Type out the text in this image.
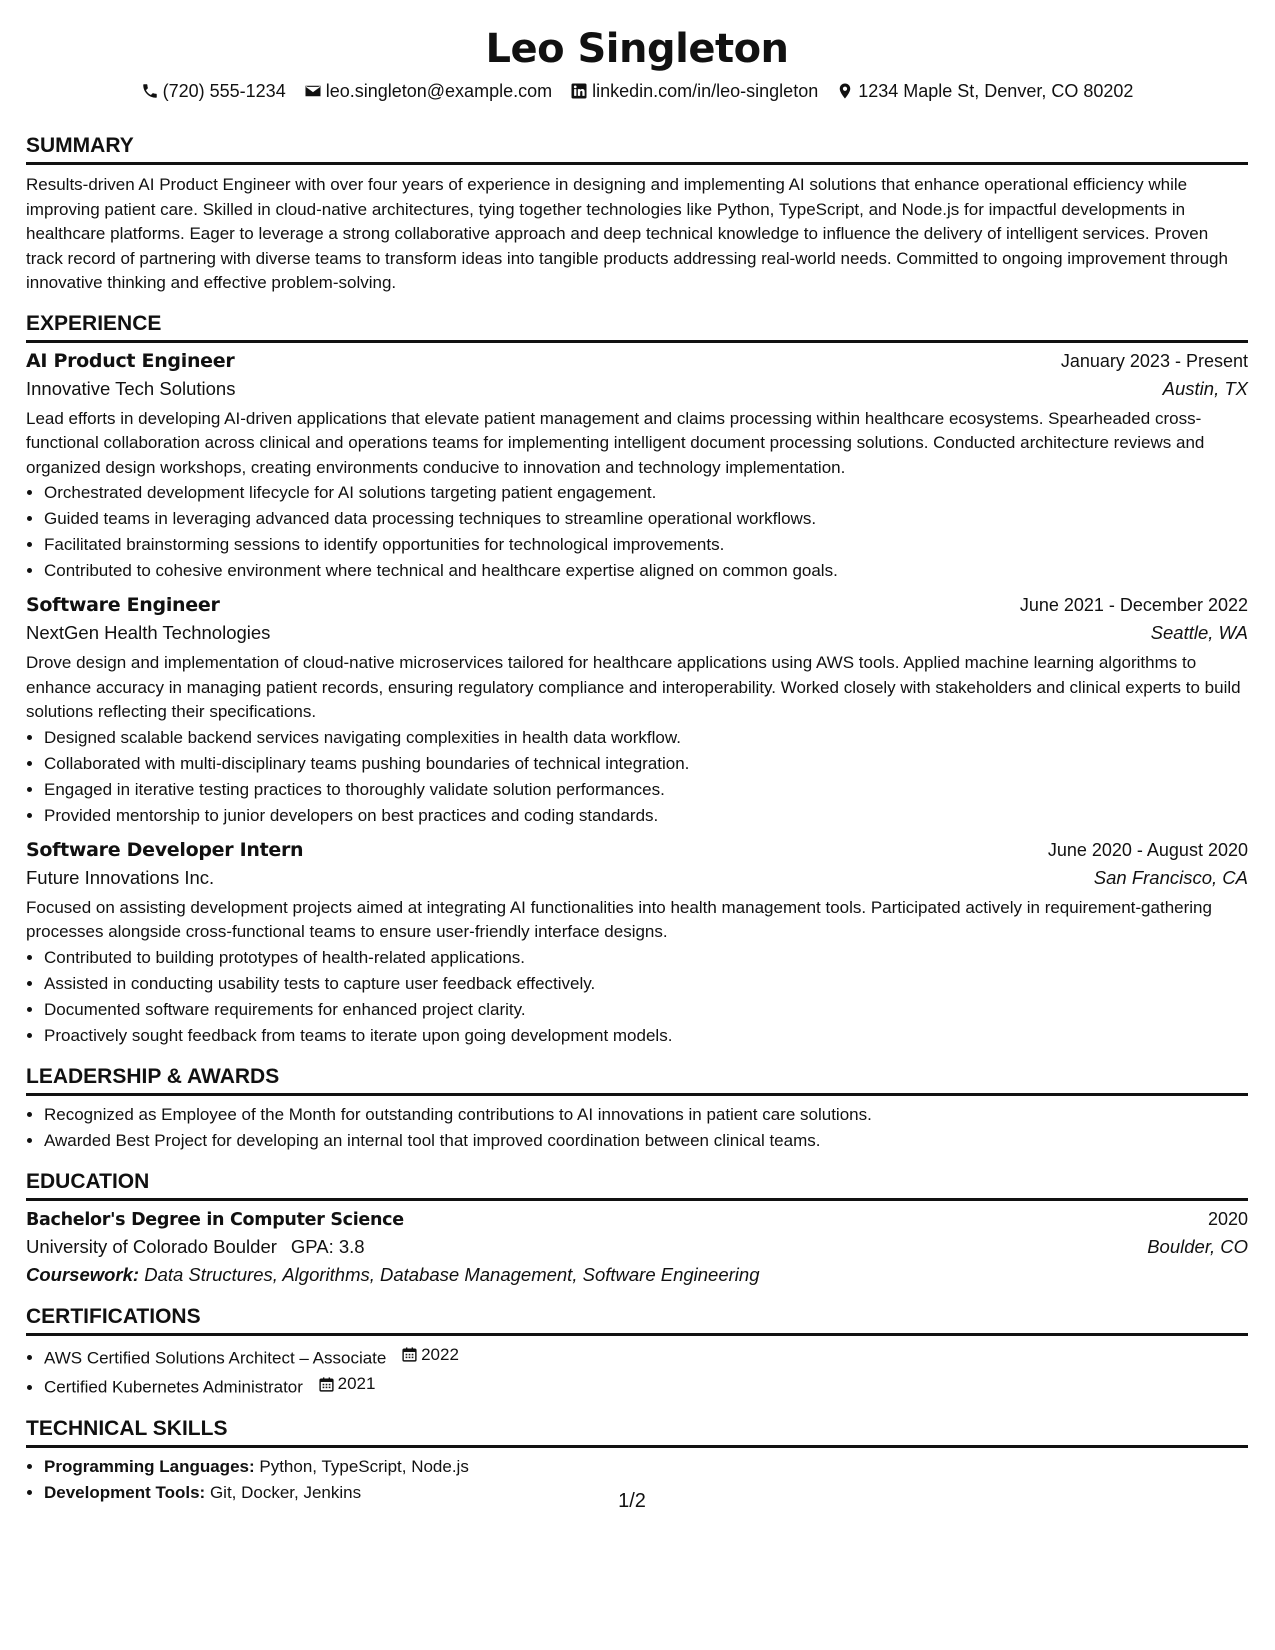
Leo Singleton
(720) 555-1234 leo.singleton@example.com linkedin.com/in/leo-singleton 1234 Maple St, Denver, CO 80202
SUMMARY

Results-driven AI Product Engineer with over four years of experience in designing and implementing AI solutions that enhance operational efficiency while improving patient care. Skilled in cloud-native architectures, tying together technologies like Python, TypeScript, and Node.js for impactful developments in healthcare platforms. Eager to leverage a strong collaborative approach and deep technical knowledge to influence the delivery of intelligent services. Proven track record of partnering with diverse teams to transform ideas into tangible products addressing real-world needs. Committed to ongoing improvement through innovative thinking and effective problem-solving.

EXPERIENCE
AI Product Engineer	January 2023 - Present
Innovative Tech Solutions	Austin, TX

Lead efforts in developing AI-driven applications that elevate patient management and claims processing within healthcare ecosystems. Spearheaded cross-functional collaboration across clinical and operations teams for implementing intelligent document processing solutions. Conducted architecture reviews and organized design workshops, creating environments conducive to innovation and technology implementation.

• Orchestrated development lifecycle for AI solutions targeting patient engagement.
• Guided teams in leveraging advanced data processing techniques to streamline operational workflows.
• Facilitated brainstorming sessions to identify opportunities for technological improvements.
• Contributed to cohesive environment where technical and healthcare expertise aligned on common goals.
Software Engineer	June 2021 - December 2022
NextGen Health Technologies	Seattle, WA

Drove design and implementation of cloud-native microservices tailored for healthcare applications using AWS tools. Applied machine learning algorithms to enhance accuracy in managing patient records, ensuring regulatory compliance and interoperability. Worked closely with stakeholders and clinical experts to build solutions reflecting their specifications.

• Designed scalable backend services navigating complexities in health data workflow.
• Collaborated with multi-disciplinary teams pushing boundaries of technical integration.
• Engaged in iterative testing practices to thoroughly validate solution performances.
• Provided mentorship to junior developers on best practices and coding standards.
Software Developer Intern	June 2020 - August 2020
Future Innovations Inc.	San Francisco, CA

Focused on assisting development projects aimed at integrating AI functionalities into health management tools. Participated actively in requirement-gathering processes alongside cross-functional teams to ensure user-friendly interface designs.

• Contributed to building prototypes of health-related applications.
• Assisted in conducting usability tests to capture user feedback effectively.
• Documented software requirements for enhanced project clarity.
• Proactively sought feedback from teams to iterate upon going development models.
LEADERSHIP & AWARDS
• Recognized as Employee of the Month for outstanding contributions to AI innovations in patient care solutions.
• Awarded Best Project for developing an internal tool that improved coordination between clinical teams.
EDUCATION
Bachelor's Degree in Computer Science	2020
University of Colorado Boulder GPA: 3.8	Boulder, CO
Coursework: Data Structures, Algorithms, Database Management, Software Engineering
CERTIFICATIONS
• AWS Certified Solutions Architect – Associate 2022
• Certified Kubernetes Administrator 2021
TECHNICAL SKILLS
• Programming Languages: Python, TypeScript, Node.js
• Development Tools: Git, Docker, Jenkins	1/2
